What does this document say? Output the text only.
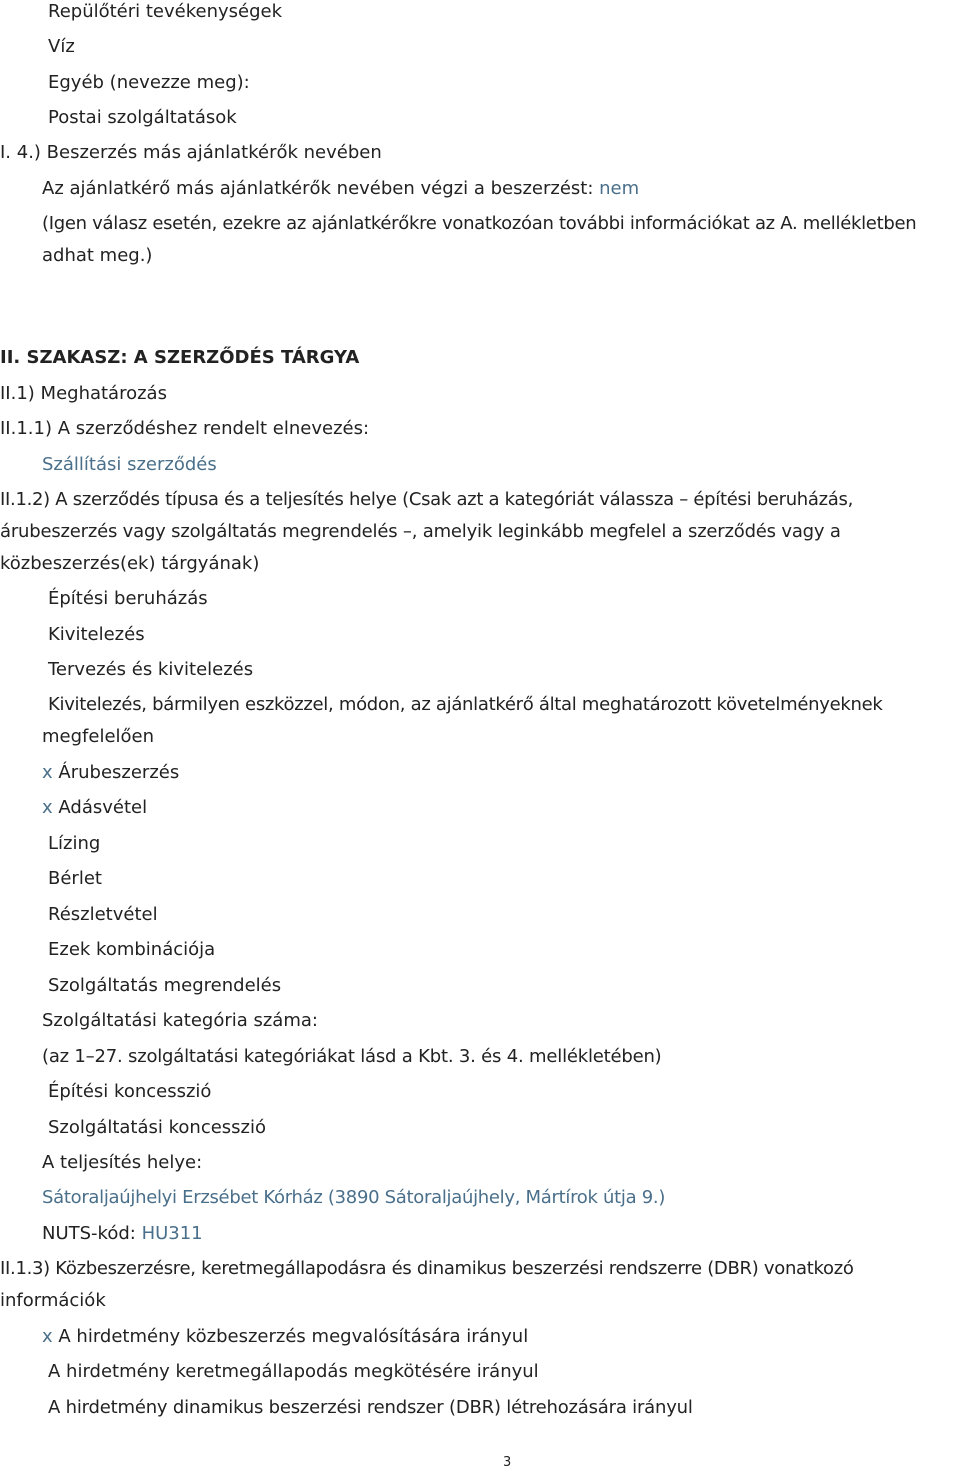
Repülőtéri tevékenységek
Víz
Egyéb (nevezze meg):
Postai szolgáltatások
I. 4.) Beszerzés más ajánlatkérők nevében
Az ajánlatkérő más ajánlatkérők nevében végzi a beszerzést: nem
(Igen válasz esetén, ezekre az ajánlatkérőkre vonatkozóan további információkat az A. mellékletben
adhat meg.)
II. SZAKASZ: A SZERZŐDÉS TÁRGYA
II.1) Meghatározás
II.1.1) A szerződéshez rendelt elnevezés:
Szállítási szerződés
II.1.2) A szerződés típusa és a teljesítés helye (Csak azt a kategóriát válassza – építési beruházás,
árubeszerzés vagy szolgáltatás megrendelés –, amelyik leginkább megfelel a szerződés vagy a
közbeszerzés(ek) tárgyának)
Építési beruházás
Kivitelezés
Tervezés és kivitelezés
Kivitelezés, bármilyen eszközzel, módon, az ajánlatkérő által meghatározott követelményeknek
megfelelően
x Árubeszerzés
x Adásvétel
Lízing
Bérlet
Részletvétel
Ezek kombinációja
Szolgáltatás megrendelés
Szolgáltatási kategória száma:
(az 1–27. szolgáltatási kategóriákat lásd a Kbt. 3. és 4. mellékletében)
Építési koncesszió
Szolgáltatási koncesszió
A teljesítés helye:
Sátoraljaújhelyi Erzsébet Kórház (3890 Sátoraljaújhely, Mártírok útja 9.)
NUTS-kód: HU311
II.1.3) Közbeszerzésre, keretmegállapodásra és dinamikus beszerzési rendszerre (DBR) vonatkozó
információk
x A hirdetmény közbeszerzés megvalósítására irányul
A hirdetmény keretmegállapodás megkötésére irányul
A hirdetmény dinamikus beszerzési rendszer (DBR) létrehozására irányul
3
